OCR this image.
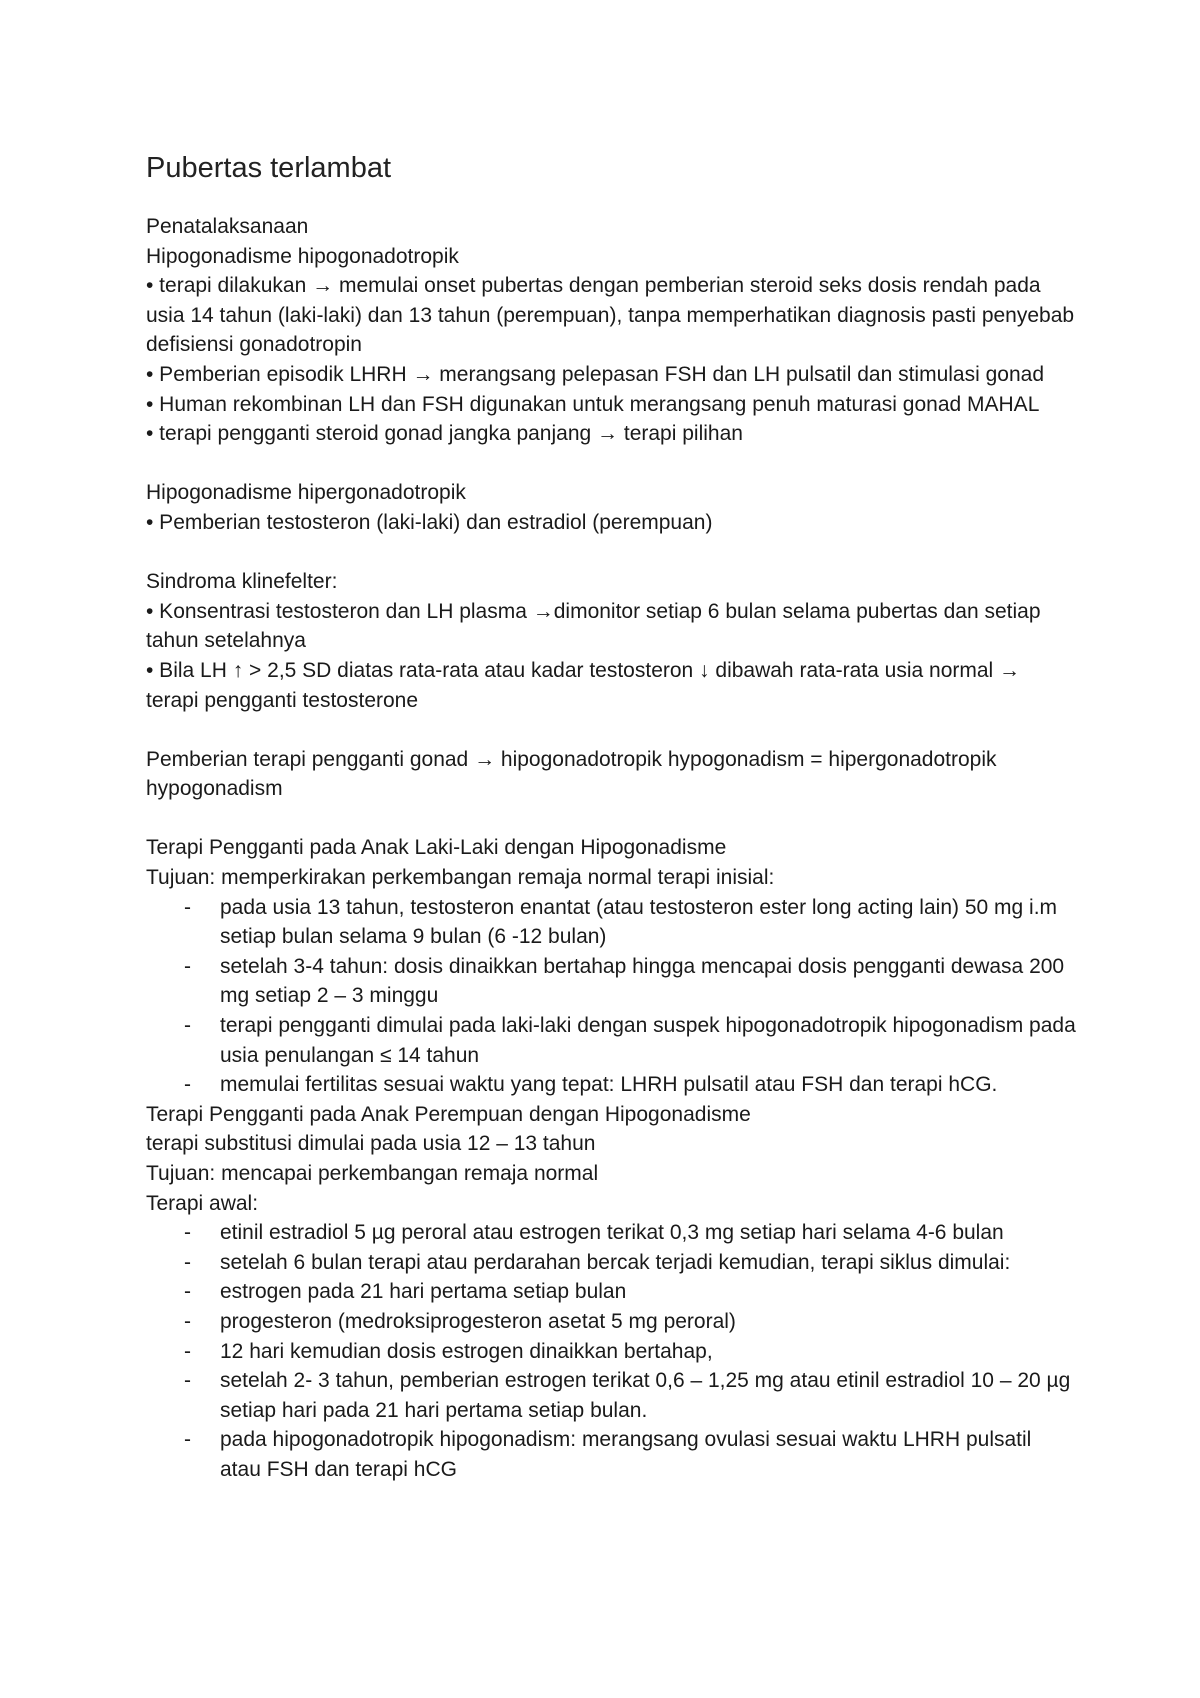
Pubertas terlambat

Penatalaksanaan

Hipogonadisme hipogonadotropik

• terapi dilakukan → memulai onset pubertas dengan pemberian steroid seks dosis rendah pada usia 14 tahun (laki-laki) dan 13 tahun (perempuan), tanpa memperhatikan diagnosis pasti penyebab defisiensi gonadotropin

• Pemberian episodik LHRH → merangsang pelepasan FSH dan LH pulsatil dan stimulasi gonad

• Human rekombinan LH dan FSH digunakan untuk merangsang penuh maturasi gonad MAHAL

• terapi pengganti steroid gonad jangka panjang → terapi pilihan

Hipogonadisme hipergonadotropik

• Pemberian testosteron (laki-laki) dan estradiol (perempuan)

Sindroma klinefelter:

• Konsentrasi testosteron dan LH plasma →dimonitor setiap 6 bulan selama pubertas dan setiap tahun setelahnya

• Bila LH ↑ > 2,5 SD diatas rata-rata atau kadar testosteron ↓ dibawah rata-rata usia normal → terapi pengganti testosterone

Pemberian terapi pengganti gonad → hipogonadotropik hypogonadism = hipergonadotropik hypogonadism

Terapi Pengganti pada Anak Laki-Laki dengan Hipogonadisme

Tujuan: memperkirakan perkembangan remaja normal terapi inisial:

- pada usia 13 tahun, testosteron enantat (atau testosteron ester long acting lain) 50 mg i.m setiap bulan selama 9 bulan (6 -12 bulan)
- setelah 3-4 tahun: dosis dinaikkan bertahap hingga mencapai dosis pengganti dewasa 200 mg setiap 2 – 3 minggu
- terapi pengganti dimulai pada laki-laki dengan suspek hipogonadotropik hipogonadism pada usia penulangan ≤ 14 tahun
- memulai fertilitas sesuai waktu yang tepat: LHRH pulsatil atau FSH dan terapi hCG.

Terapi Pengganti pada Anak Perempuan dengan Hipogonadisme

terapi substitusi dimulai pada usia 12 – 13 tahun

Tujuan: mencapai perkembangan remaja normal

Terapi awal:

- etinil estradiol 5 µg peroral atau estrogen terikat 0,3 mg setiap hari selama 4-6 bulan
- setelah 6 bulan terapi atau perdarahan bercak terjadi kemudian, terapi siklus dimulai:
- estrogen pada 21 hari pertama setiap bulan
- progesteron (medroksiprogesteron asetat 5 mg peroral)
- 12 hari kemudian dosis estrogen dinaikkan bertahap,
- setelah 2- 3 tahun, pemberian estrogen terikat 0,6 – 1,25 mg atau etinil estradiol 10 – 20 µg setiap hari pada 21 hari pertama setiap bulan.
- pada hipogonadotropik hipogonadism: merangsang ovulasi sesuai waktu LHRH pulsatil atau FSH dan terapi hCG
